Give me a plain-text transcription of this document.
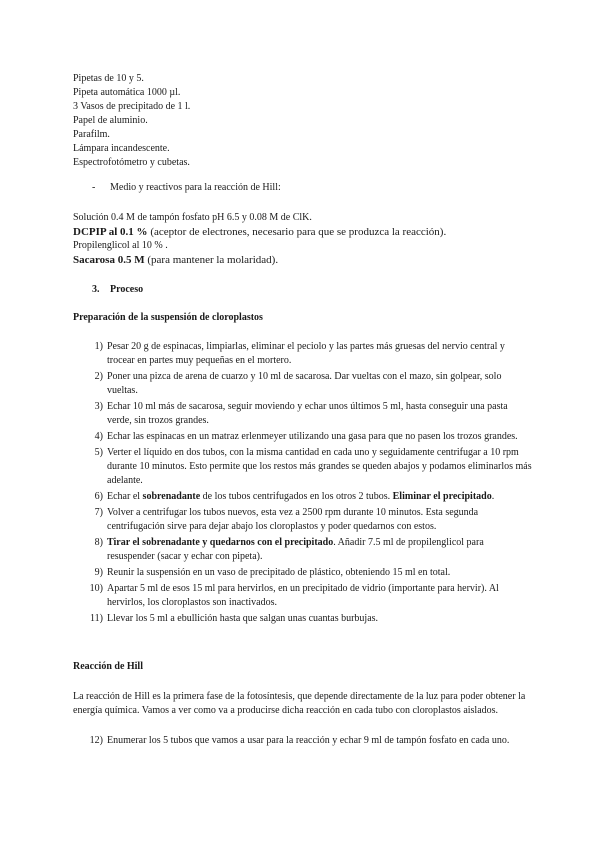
Pipetas de 10 y 5.
Pipeta automática 1000 µl.
3 Vasos de precipitado de 1 l.
Papel de aluminio.
Parafilm.
Lámpara incandescente.
Espectrofotómetro y cubetas.
- Medio y reactivos para la reacción de Hill:
Solución 0.4 M de tampón fosfato pH 6.5 y 0.08 M de ClK.
DCPIP al 0.1 % (aceptor de electrones, necesario para que se produzca la reacción).
Propilenglicol al 10 % .
Sacarosa 0.5 M (para mantener la molaridad).
3. Proceso
Preparación de la suspensión de cloroplastos
1) Pesar 20 g de espinacas, limpiarlas, eliminar el peciolo y las partes más gruesas del nervio central y trocear en partes muy pequeñas en el mortero.
2) Poner una pizca de arena de cuarzo y 10 ml de sacarosa. Dar vueltas con el mazo, sin golpear, solo vueltas.
3) Echar 10 ml más de sacarosa, seguir moviendo y echar unos últimos 5 ml, hasta conseguir una pasta verde, sin trozos grandes.
4) Echar las espinacas en un matraz erlenmeyer utilizando una gasa para que no pasen los trozos grandes.
5) Verter el líquido en dos tubos, con la misma cantidad en cada uno y seguidamente centrifugar a 10 rpm durante 10 minutos. Esto permite que los restos más grandes se queden abajos y podamos eliminarlos más adelante.
6) Echar el sobrenadante de los tubos centrifugados en los otros 2 tubos. Eliminar el precipitado.
7) Volver a centrifugar los tubos nuevos, esta vez a 2500 rpm durante 10 minutos. Esta segunda centrifugación sirve para dejar abajo los cloroplastos y poder quedarnos con estos.
8) Tirar el sobrenadante y quedarnos con el precipitado. Añadir 7.5 ml de propilenglicol para resuspender (sacar y echar con pipeta).
9) Reunir la suspensión en un vaso de precipitado de plástico, obteniendo 15 ml en total.
10) Apartar 5 ml de esos 15 ml para hervirlos, en un precipitado de vidrio (importante para hervir). Al hervirlos, los cloroplastos son inactivados.
11) Llevar los 5 ml a ebullición hasta que salgan unas cuantas burbujas.
Reacción de Hill
La reacción de Hill es la primera fase de la fotosíntesis, que depende directamente de la luz para poder obtener la energía química. Vamos a ver como va a producirse dicha reacción en cada tubo con cloroplastos aislados.
12) Enumerar los 5 tubos que vamos a usar para la reacción y echar 9 ml de tampón fosfato en cada uno.
